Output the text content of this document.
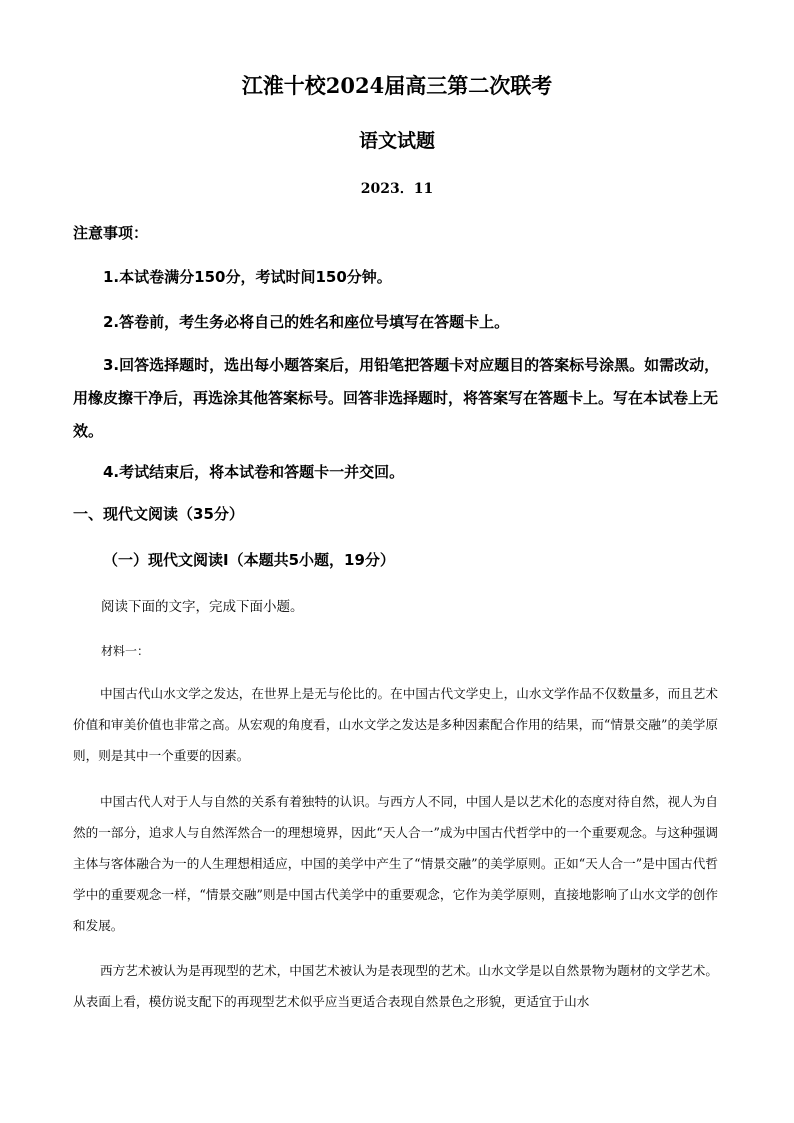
江淮十校2024届高三第二次联考
语文试题
2023．11
注意事项：

1.本试卷满分150分，考试时间150分钟。

2.答卷前，考生务必将自己的姓名和座位号填写在答题卡上。

3.回答选择题时，选出每小题答案后，用铅笔把答题卡对应题目的答案标号涂黑。如需改动，用橡皮擦干净后，再选涂其他答案标号。回答非选择题时，将答案写在答题卡上。写在本试卷上无效。

4.考试结束后，将本试卷和答题卡一并交回。

一、现代文阅读（35分）
（一）现代文阅读Ⅰ（本题共5小题，19分）
阅读下面的文字，完成下面小题。
材料一：

中国古代山水文学之发达，在世界上是无与伦比的。在中国古代文学史上，山水文学作品不仅数量多，而且艺术价值和审美价值也非常之高。从宏观的角度看，山水文学之发达是多种因素配合作用的结果，而“情景交融”的美学原则，则是其中一个重要的因素。

中国古代人对于人与自然的关系有着独特的认识。与西方人不同，中国人是以艺术化的态度对待自然，视人为自然的一部分，追求人与自然浑然合一的理想境界，因此“天人合一”成为中国古代哲学中的一个重要观念。与这种强调主体与客体融合为一的人生理想相适应，中国的美学中产生了“情景交融”的美学原则。正如“天人合一”是中国古代哲学中的重要观念一样，“情景交融”则是中国古代美学中的重要观念，它作为美学原则，直接地影响了山水文学的创作和发展。

西方艺术被认为是再现型的艺术，中国艺术被认为是表现型的艺术。山水文学是以自然景物为题材的文学艺术。从表面上看，模仿说支配下的再现型艺术似乎应当更适合表现自然景色之形貌，更适宜于山水
